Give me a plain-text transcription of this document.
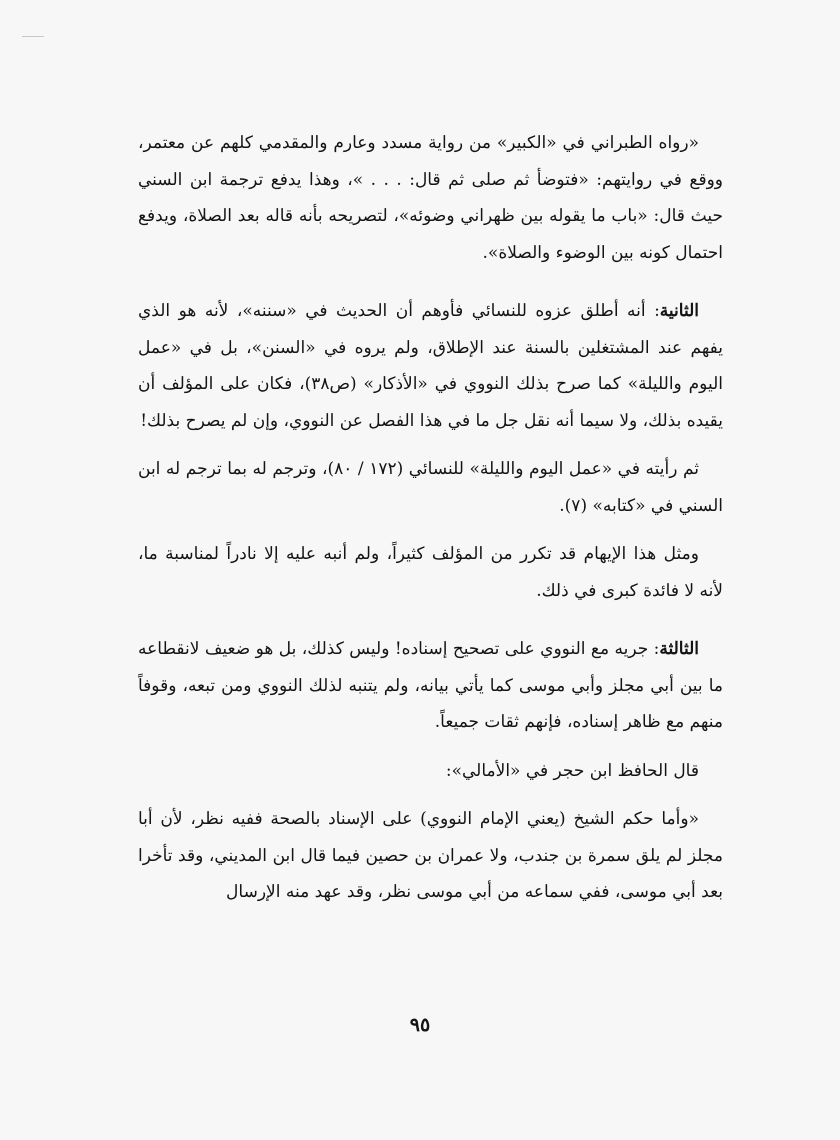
«رواه الطبراني في «الكبير» من رواية مسدد وعارم والمقدمي كلهم عن معتمر، ووقع في روايتهم: «فتوضأ ثم صلى ثم قال: . . . »، وهذا يدفع ترجمة ابن السني حيث قال: «باب ما يقوله بين ظهراني وضوئه»، لتصريحه بأنه قاله بعد الصلاة، ويدفع احتمال كونه بين الوضوء والصلاة».

الثانية: أنه أطلق عزوه للنسائي فأوهم أن الحديث في «سننه»، لأنه هو الذي يفهم عند المشتغلين بالسنة عند الإطلاق، ولم يروه في «السنن»، بل في «عمل اليوم والليلة» كما صرح بذلك النووي في «الأذكار» (ص٣٨)، فكان على المؤلف أن يقيده بذلك، ولا سيما أنه نقل جل ما في هذا الفصل عن النووي، وإن لم يصرح بذلك!

ثم رأيته في «عمل اليوم والليلة» للنسائي (١٧٢ / ٨٠)، وترجم له بما ترجم له ابن السني في «كتابه» (٧).

ومثل هذا الإيهام قد تكرر من المؤلف كثيراً، ولم أنبه عليه إلا نادراً لمناسبة ما، لأنه لا فائدة كبرى في ذلك.

الثالثة: جريه مع النووي على تصحيح إسناده! وليس كذلك، بل هو ضعيف لانقطاعه ما بين أبي مجلز وأبي موسى كما يأتي بيانه، ولم يتنبه لذلك النووي ومن تبعه، وقوفاً منهم مع ظاهر إسناده، فإنهم ثقات جميعاً.

قال الحافظ ابن حجر في «الأمالي»:

«وأما حكم الشيخ (يعني الإمام النووي) على الإسناد بالصحة ففيه نظر، لأن أبا مجلز لم يلق سمرة بن جندب، ولا عمران بن حصين فيما قال ابن المديني، وقد تأخرا بعد أبي موسى، ففي سماعه من أبي موسى نظر، وقد عهد منه الإرسال

٩٥
